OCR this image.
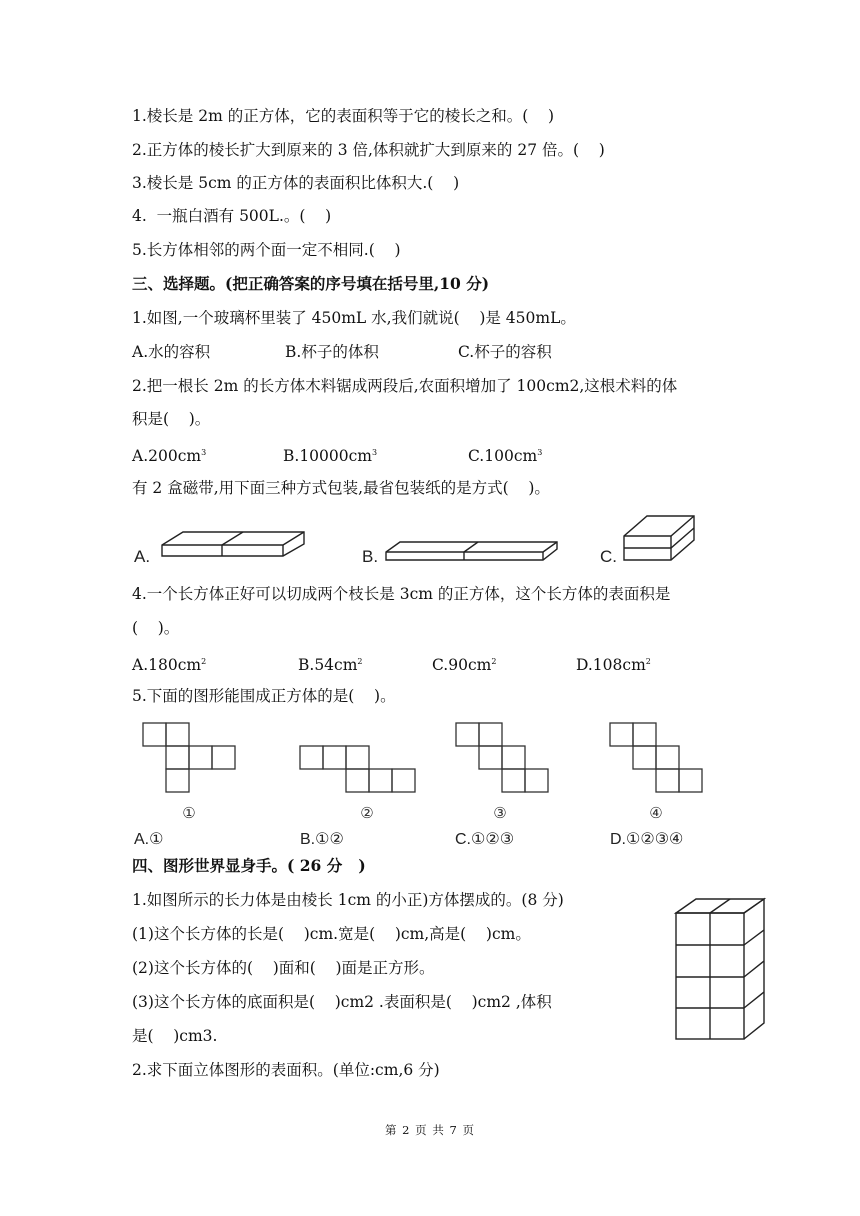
1.棱长是 2m 的正方体，它的表面积等于它的棱长之和。(    )
2.正方体的棱长扩大到原来的 3 倍,体积就扩大到原来的 27 倍。(    )
3.棱长是 5cm 的正方体的表面积比体积大.(    )
4.  一瓶白酒有 500L.。(    )
5.长方体相邻的两个面一定不相同.(    )
三、选择题。(把正确答案的序号填在括号里,10 分)
1.如图,一个玻璃杯里装了 450mL 水,我们就说(    )是 450mL。
A.水的容积	B.杯子的体积	C.杯子的容积
2.把一根长 2m 的长方体木料锯成两段后,农面积增加了 100cm2,这根术料的体
积是(    )。
$A.200cm^3$	$B.10000cm^3$	$C.100cm^3$
有 2 盒磁带,用下面三种方式包装,最省包装纸的是方式(    )。
A.	B.	C.
4.一个长方体正好可以切成两个枝长是 3cm 的正方体，这个长方体的表面积是
(    )。
$A.180cm^2$	$B.54cm^2$	$C.90cm^2$	$D.108cm^2$
5.下面的图形能围成正方体的是(    )。
①	②	③	④
A.①	B.①②	C.①②③	D.①②③④
四、图形世界显身手。( 26 分   )
1.如图所示的长力体是由棱长 1cm 的小正)方体摆成的。(8 分)
(1)这个长方体的长是(    )cm.宽是(    )cm,高是(    )cm。
(2)这个长方体的(    )面和(    )面是正方形。
(3)这个长方体的底面积是(    )cm2 .表面积是(    )cm2 ,体积
是(    )cm3.
2.求下面立体图形的表面积。(单位:cm,6 分)
第 2 页 共 7 页
